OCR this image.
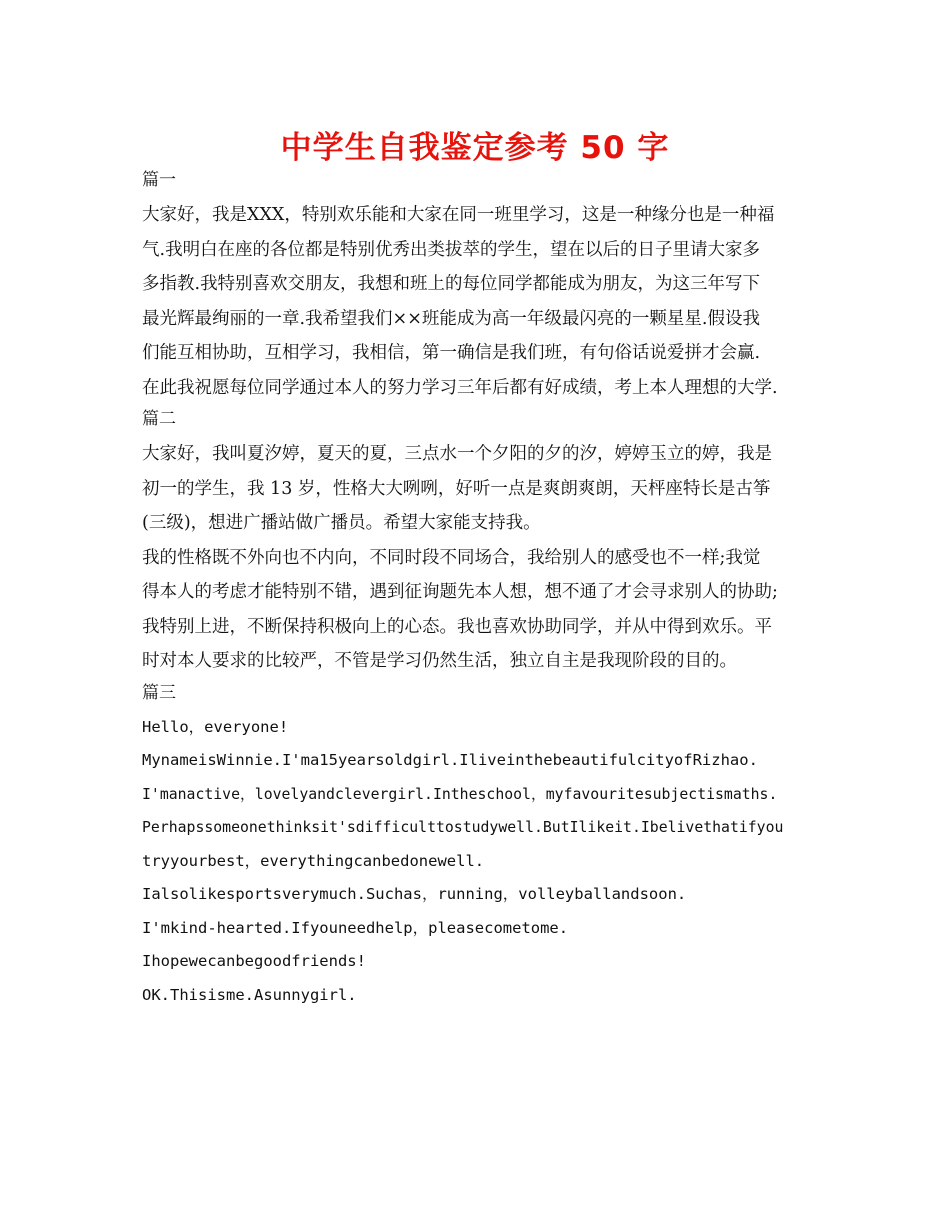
中学生自我鉴定参考 50 字
篇一
大家好，我是XXX，特别欢乐能和大家在同一班里学习，这是一种缘分也是一种福
气.我明白在座的各位都是特别优秀出类拔萃的学生，望在以后的日子里请大家多
多指教.我特别喜欢交朋友，我想和班上的每位同学都能成为朋友，为这三年写下
最光辉最绚丽的一章.我希望我们××班能成为高一年级最闪亮的一颗星星.假设我
们能互相协助，互相学习，我相信，第一确信是我们班，有句俗话说爱拼才会赢.
在此我祝愿每位同学通过本人的努力学习三年后都有好成绩，考上本人理想的大学.
篇二
大家好，我叫夏汐婷，夏天的夏，三点水一个夕阳的夕的汐，婷婷玉立的婷，我是
初一的学生，我 13 岁，性格大大咧咧，好听一点是爽朗爽朗，天枰座特长是古筝
(三级)，想进广播站做广播员。希望大家能支持我。
我的性格既不外向也不内向，不同时段不同场合，我给别人的感受也不一样;我觉
得本人的考虑才能特别不错，遇到征询题先本人想，想不通了才会寻求别人的协助;
我特别上进，不断保持积极向上的心态。我也喜欢协助同学，并从中得到欢乐。平
时对本人要求的比较严，不管是学习仍然生活，独立自主是我现阶段的目的。
篇三
Hello，everyone!
MynameisWinnie.I'ma15yearsoldgirl.IliveinthebeautifulcityofRizhao.
I'manactive，lovelyandclevergirl.Intheschool，myfavouritesubjectismaths.
Perhapssomeonethinksit'sdifficulttostudywell.ButIlikeit.Ibelivethatifyou
tryyourbest，everythingcanbedonewell.
Ialsolikesportsverymuch.Suchas，running，volleyballandsoon.
I'mkind-hearted.Ifyouneedhelp，pleasecometome.
Ihopewecanbegoodfriends!
OK.Thisisme.Asunnygirl.
